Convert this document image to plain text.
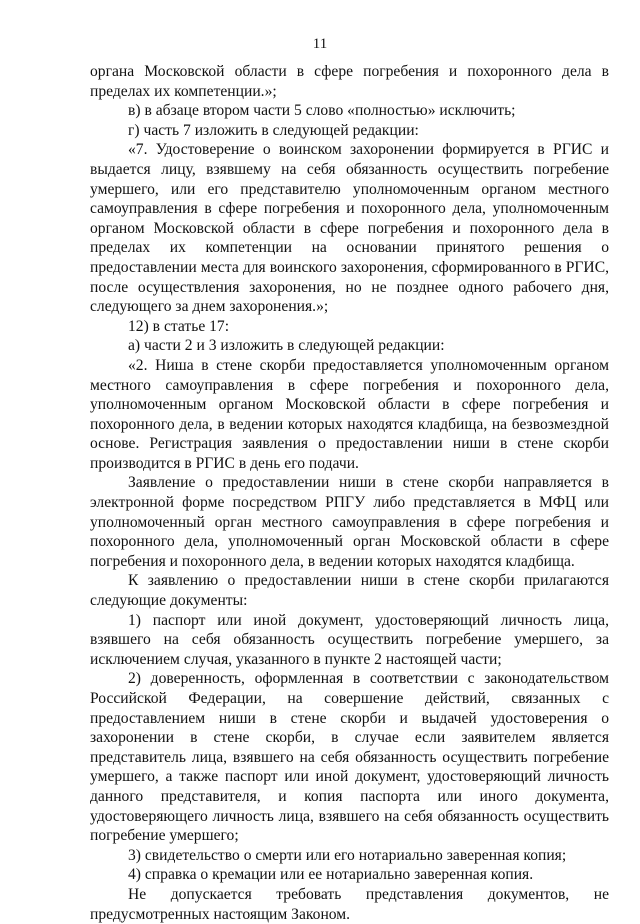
11

органа Московской области в сфере погребения и похоронного дела в пределах их компетенции.»;

в) в абзаце втором части 5 слово «полностью» исключить;

г) часть 7 изложить в следующей редакции:

«7. Удостоверение о воинском захоронении формируется в РГИС и выдается лицу, взявшему на себя обязанность осуществить погребение умершего, или его представителю уполномоченным органом местного самоуправления в сфере погребения и похоронного дела, уполномоченным органом Московской области в сфере погребения и похоронного дела в пределах их компетенции на основании принятого решения о предоставлении места для воинского захоронения, сформированного в РГИС, после осуществления захоронения, но не позднее одного рабочего дня, следующего за днем захоронения.»;

12) в статье 17:

а) части 2 и 3 изложить в следующей редакции:

«2. Ниша в стене скорби предоставляется уполномоченным органом местного самоуправления в сфере погребения и похоронного дела, уполномоченным органом Московской области в сфере погребения и похоронного дела, в ведении которых находятся кладбища, на безвозмездной основе. Регистрация заявления о предоставлении ниши в стене скорби производится в РГИС в день его подачи.

Заявление о предоставлении ниши в стене скорби направляется в электронной форме посредством РПГУ либо представляется в МФЦ или уполномоченный орган местного самоуправления в сфере погребения и похоронного дела, уполномоченный орган Московской области в сфере погребения и похоронного дела, в ведении которых находятся кладбища.

К заявлению о предоставлении ниши в стене скорби прилагаются следующие документы:

1) паспорт или иной документ, удостоверяющий личность лица, взявшего на себя обязанность осуществить погребение умершего, за исключением случая, указанного в пункте 2 настоящей части;

2) доверенность, оформленная в соответствии с законодательством Российской Федерации, на совершение действий, связанных с предоставлением ниши в стене скорби и выдачей удостоверения о захоронении в стене скорби, в случае если заявителем является представитель лица, взявшего на себя обязанность осуществить погребение умершего, а также паспорт или иной документ, удостоверяющий личность данного представителя, и копия паспорта или иного документа, удостоверяющего личность лица, взявшего на себя обязанность осуществить погребение умершего;

3) свидетельство о смерти или его нотариально заверенная копия;

4) справка о кремации или ее нотариально заверенная копия.

Не допускается требовать представления документов, не предусмотренных настоящим Законом.
